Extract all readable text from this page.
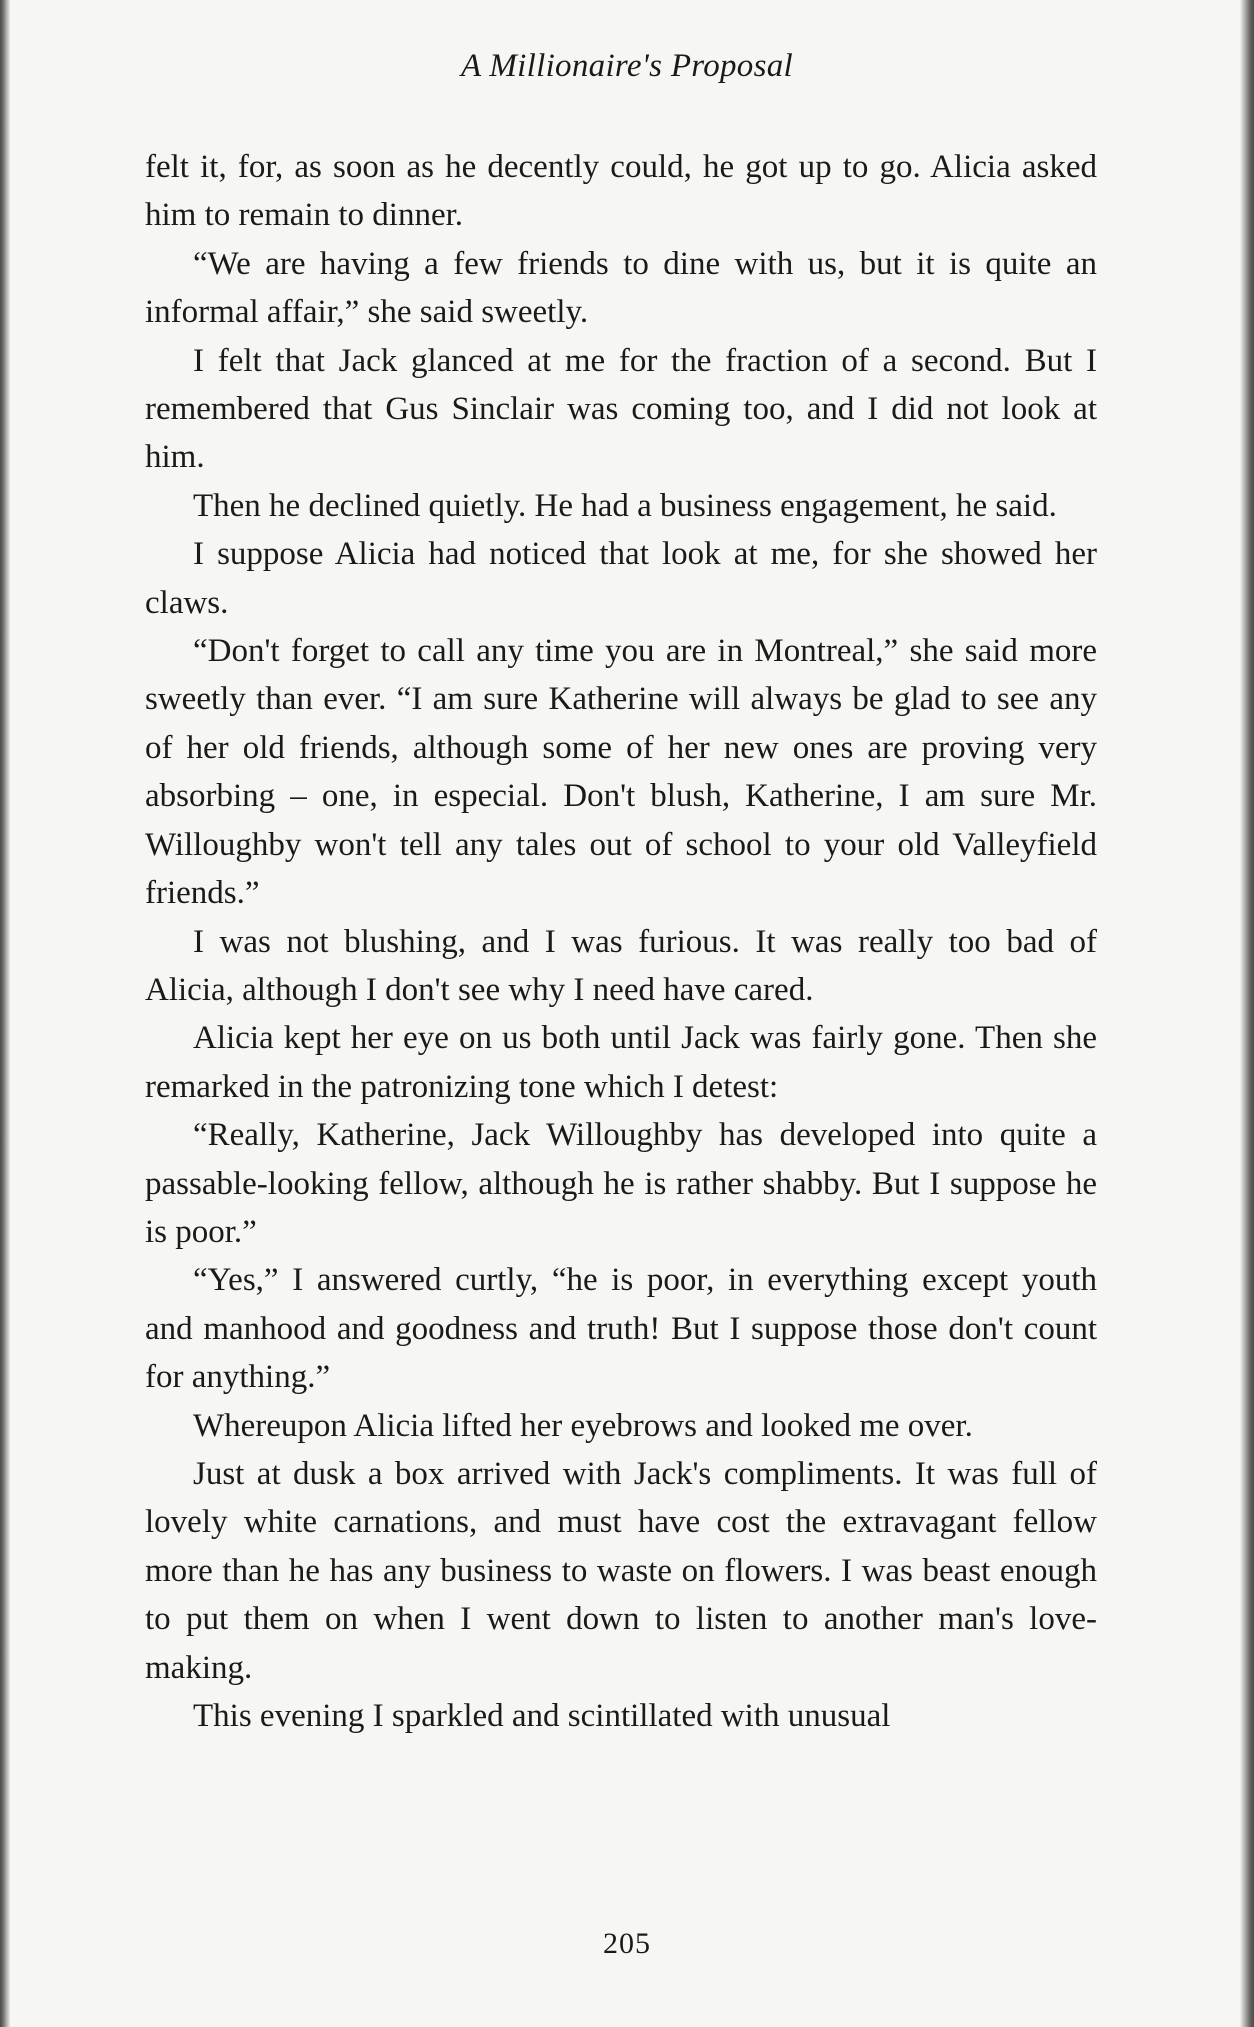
A Millionaire's Proposal

felt it, for, as soon as he decently could, he got up to go. Alicia asked him to remain to dinner.

“We are having a few friends to dine with us, but it is quite an informal affair,” she said sweetly.

I felt that Jack glanced at me for the fraction of a second. But I remembered that Gus Sinclair was coming too, and I did not look at him.

Then he declined quietly. He had a business engagement, he said.

I suppose Alicia had noticed that look at me, for she showed her claws.

“Don't forget to call any time you are in Montreal,” she said more sweetly than ever. “I am sure Katherine will always be glad to see any of her old friends, although some of her new ones are proving very absorbing – one, in especial. Don't blush, Katherine, I am sure Mr. Willoughby won't tell any tales out of school to your old Valleyfield friends.”

I was not blushing, and I was furious. It was really too bad of Alicia, although I don't see why I need have cared.

Alicia kept her eye on us both until Jack was fairly gone. Then she remarked in the patronizing tone which I detest:

“Really, Katherine, Jack Willoughby has developed into quite a passable-looking fellow, although he is rather shabby. But I suppose he is poor.”

“Yes,” I answered curtly, “he is poor, in everything except youth and manhood and goodness and truth! But I suppose those don't count for anything.”

Whereupon Alicia lifted her eyebrows and looked me over.

Just at dusk a box arrived with Jack's compliments. It was full of lovely white carnations, and must have cost the extravagant fellow more than he has any business to waste on flowers. I was beast enough to put them on when I went down to listen to another man's love-making.

This evening I sparkled and scintillated with unusual

205
